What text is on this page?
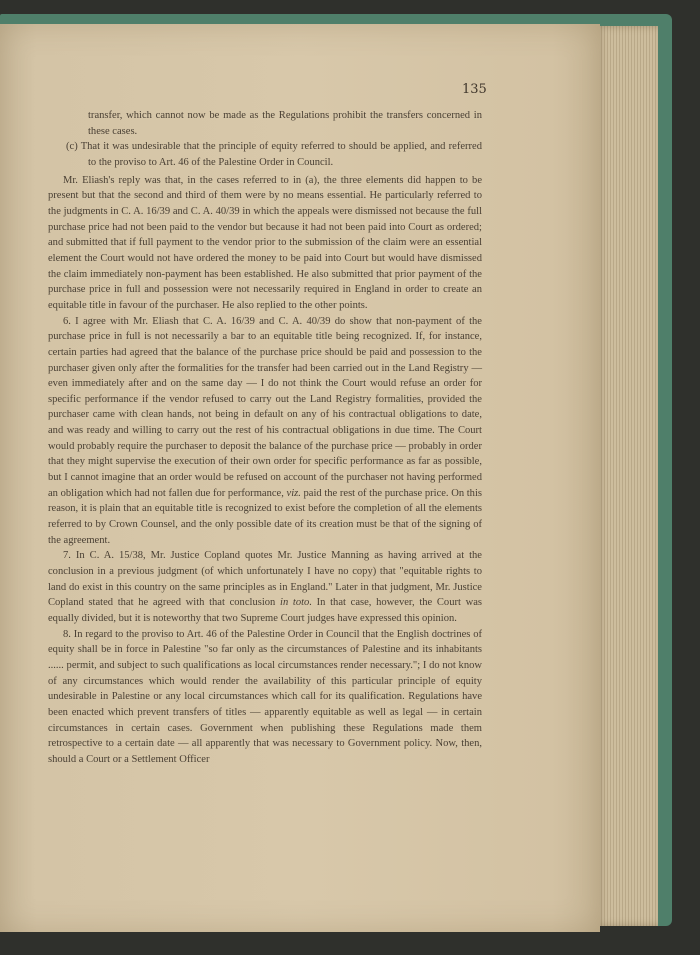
135

transfer, which cannot now be made as the Regulations prohibit the transfers concerned in these cases.

(c) That it was undesirable that the principle of equity referred to should be applied, and referred to the proviso to Art. 46 of the Palestine Order in Council.

Mr. Eliash's reply was that, in the cases referred to in (a), the three elements did happen to be present but that the second and third of them were by no means essential. He particularly referred to the judgments in C. A. 16/39 and C. A. 40/39 in which the appeals were dismissed not because the full purchase price had not been paid to the vendor but because it had not been paid into Court as ordered; and submitted that if full payment to the vendor prior to the submission of the claim were an essential element the Court would not have ordered the money to be paid into Court but would have dismissed the claim immediately non-payment has been established. He also submitted that prior payment of the purchase price in full and possession were not necessarily required in England in order to create an equitable title in favour of the purchaser. He also replied to the other points.

6. I agree with Mr. Eliash that C. A. 16/39 and C. A. 40/39 do show that non-payment of the purchase price in full is not necessarily a bar to an equitable title being recognized. If, for instance, certain parties had agreed that the balance of the purchase price should be paid and possession to the purchaser given only after the formalities for the transfer had been carried out in the Land Registry — even immediately after and on the same day — I do not think the Court would refuse an order for specific performance if the vendor refused to carry out the Land Registry formalities, provided the purchaser came with clean hands, not being in default on any of his contractual obligations to date, and was ready and willing to carry out the rest of his contractual obligations in due time. The Court would probably require the purchaser to deposit the balance of the purchase price — probably in order that they might supervise the execution of their own order for specific performance as far as possible, but I cannot imagine that an order would be refused on account of the purchaser not having performed an obligation which had not fallen due for performance, viz. paid the rest of the purchase price. On this reason, it is plain that an equitable title is recognized to exist before the completion of all the elements referred to by Crown Counsel, and the only possible date of its creation must be that of the signing of the agreement.

7. In C. A. 15/38, Mr. Justice Copland quotes Mr. Justice Manning as having arrived at the conclusion in a previous judgment (of which unfortunately I have no copy) that "equitable rights to land do exist in this country on the same principles as in England." Later in that judgment, Mr. Justice Copland stated that he agreed with that conclusion in toto. In that case, however, the Court was equally divided, but it is noteworthy that two Supreme Court judges have expressed this opinion.

8. In regard to the proviso to Art. 46 of the Palestine Order in Council that the English doctrines of equity shall be in force in Palestine "so far only as the circumstances of Palestine and its inhabitants ...... permit, and subject to such qualifications as local circumstances render necessary."; I do not know of any circumstances which would render the availability of this particular principle of equity undesirable in Palestine or any local circumstances which call for its qualification. Regulations have been enacted which prevent transfers of titles — apparently equitable as well as legal — in certain circumstances in certain cases. Government when publishing these Regulations made them retrospective to a certain date — all apparently that was necessary to Government policy. Now, then, should a Court or a Settlement Officer
